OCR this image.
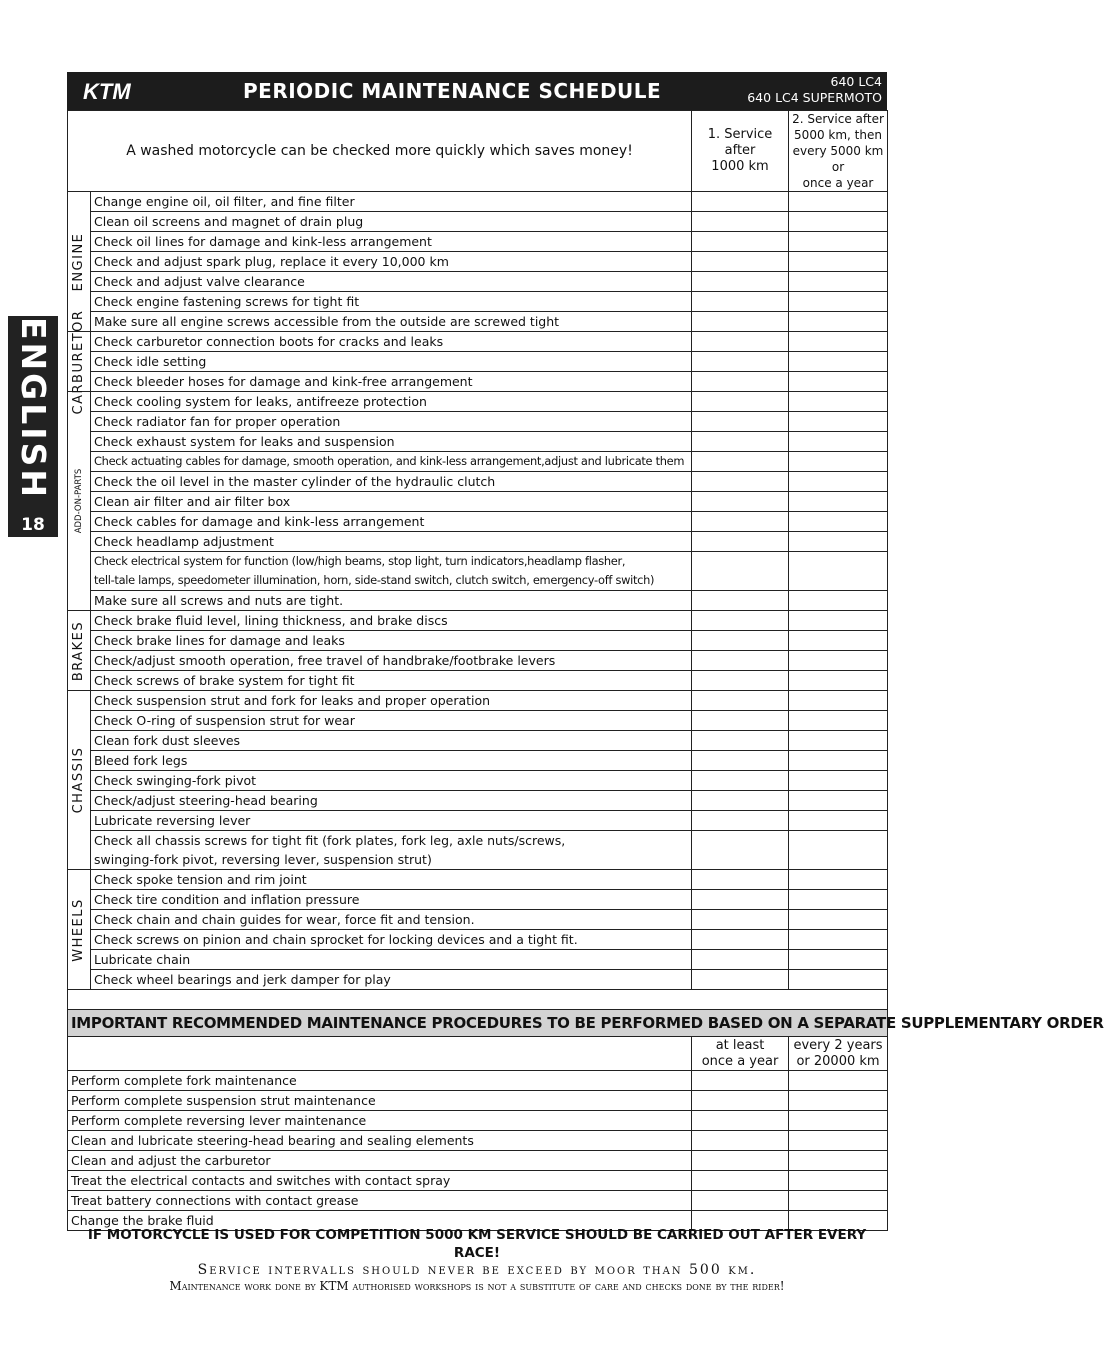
ENGLISH
18
KTM	PERIODIC MAINTENANCE SCHEDULE	640 LC4
640 LC4 SUPERMOTO
A washed motorcycle can be checked more quickly which saves money!		1. Service
after
1000 km	2. Service after
5000 km, then
every 5000 km or
once a year

ENGINE	Change engine oil, oil filter, and fine filter		
	Clean oil screens and magnet of drain plug		
	Check oil lines for damage and kink-less arrangement		
	Check and adjust spark plug, replace it every 10,000 km		
	Check and adjust valve clearance		
	Check engine fastening screws for tight fit		
	Make sure all engine screws accessible from the outside are screwed tight		

CARBURETOR	Check carburetor connection boots for cracks and leaks		
	Check idle setting		
	Check bleeder hoses for damage and kink-free arrangement		

ADD-ON-PARTS	Check cooling system for leaks, antifreeze protection		
	Check radiator fan for proper operation		
	Check exhaust system for leaks and suspension		
	Check actuating cables for damage, smooth operation, and kink-less arrangement,adjust and lubricate them		
	Check the oil level in the master cylinder of the hydraulic clutch		
	Clean air filter and air filter box		
	Check cables for damage and kink-less arrangement		
	Check headlamp adjustment		
	Check electrical system for function (low/high beams, stop light, turn indicators,headlamp flasher,
tell-tale lamps, speedometer illumination, horn, side-stand switch, clutch switch, emergency-off switch)		
	Make sure all screws and nuts are tight.		

BRAKES	Check brake fluid level, lining thickness, and brake discs		
	Check brake lines for damage and leaks		
	Check/adjust smooth operation, free travel of handbrake/footbrake levers		
	Check screws of brake system for tight fit		

CHASSIS	Check suspension strut and fork for leaks and proper operation		
	Check O-ring of suspension strut for wear		
	Clean fork dust sleeves		
	Bleed fork legs		
	Check swinging-fork pivot		
	Check/adjust steering-head bearing		
	Lubricate reversing lever		
	Check all chassis screws for tight fit (fork plates, fork leg, axle nuts/screws,
swinging-fork pivot, reversing lever, suspension strut)		

WHEELS	Check spoke tension and rim joint		
	Check tire condition and inflation pressure		
	Check chain and chain guides for wear, force fit and tension.		
	Check screws on pinion and chain sprocket for locking devices and a tight fit.		
	Lubricate chain		
	Check wheel bearings and jerk damper for play		

IMPORTANT RECOMMENDED MAINTENANCE PROCEDURES TO BE PERFORMED BASED ON A SEPARATE SUPPLEMENTARY ORDER			
		at least
once a year	every 2 years
or 20000 km
Perform complete fork maintenance			
Perform complete suspension strut maintenance			
Perform complete reversing lever maintenance			
Clean and lubricate steering-head bearing and sealing elements			
Clean and adjust the carburetor			
Treat the electrical contacts and switches with contact spray			
Treat battery connections with contact grease			
Change the brake fluid			
IF MOTORCYCLE IS USED FOR COMPETITION 5000 KM SERVICE SHOULD BE CARRIED OUT AFTER EVERY RACE!
Service intervalls should never be exceed by moor than 500 km.
Maintenance work done by KTM authorised workshops is not a substitute of care and checks done by the rider!
